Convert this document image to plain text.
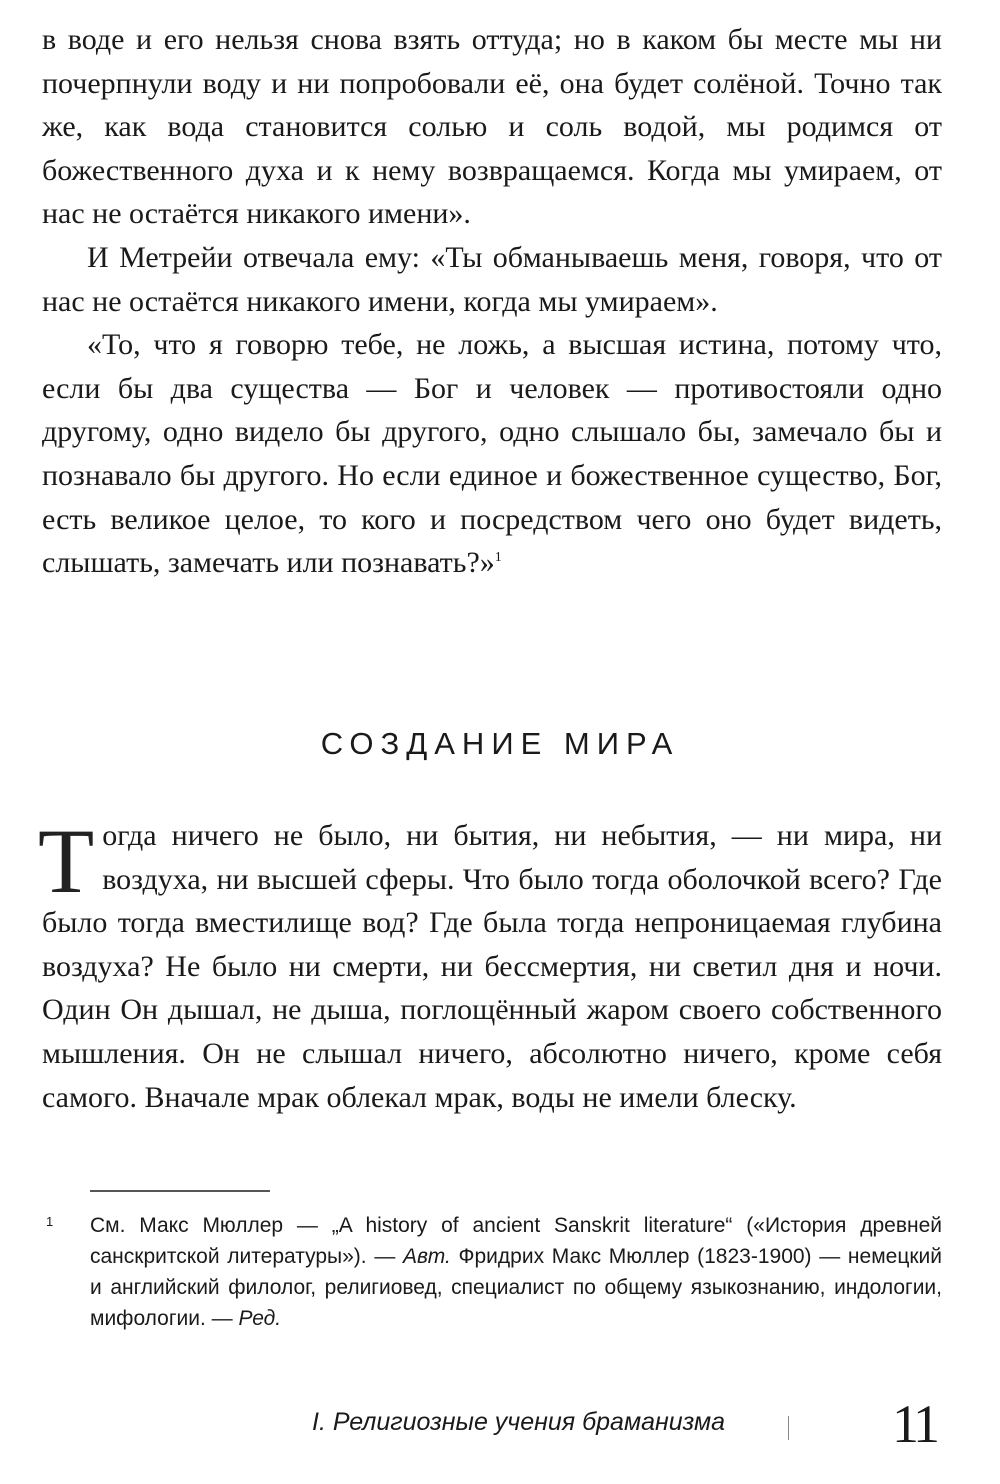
в воде и его нельзя снова взять оттуда; но в каком бы месте мы ни почерпнули воду и ни попробовали её, она будет солёной. Точно так же, как вода становится солью и соль водой, мы родимся от божественного духа и к нему возвращаемся. Когда мы умираем, от нас не остаётся никакого имени».

И Метрейи отвечала ему: «Ты обманываешь меня, говоря, что от нас не остаётся никакого имени, когда мы умираем».

«То, что я говорю тебе, не ложь, а высшая истина, потому что, если бы два существа — Бог и человек — противостояли одно другому, одно видело бы другого, одно слышало бы, замечало бы и познавало бы другого. Но если единое и божественное существо, Бог, есть великое целое, то кого и посредством чего оно будет видеть, слышать, замечать или познавать?»$^1$

СОЗДАНИЕ МИРА

Тогда ничего не было, ни бытия, ни небытия, — ни мира, ни воздуха, ни высшей сферы. Что было тогда оболочкой всего? Где было тогда вместилище вод? Где была тогда непроницаемая глубина воздуха? Не было ни смерти, ни бессмертия, ни светил дня и ночи. Один Он дышал, не дыша, поглощённый жаром своего собственного мышления. Он не слышал ничего, абсолютно ничего, кроме себя самого. Вначале мрак облекал мрак, воды не имели блеску.

1 См. Макс Мюллер — „A history of ancient Sanskrit literature“ («История древней санскритской литературы»). — Авт. Фридрих Макс Мюллер (1823-1900) — немецкий и английский филолог, религиовед, специалист по общему языкознанию, индологии, мифологии. — Ред.

I. Религиозные учения браманизма	11
